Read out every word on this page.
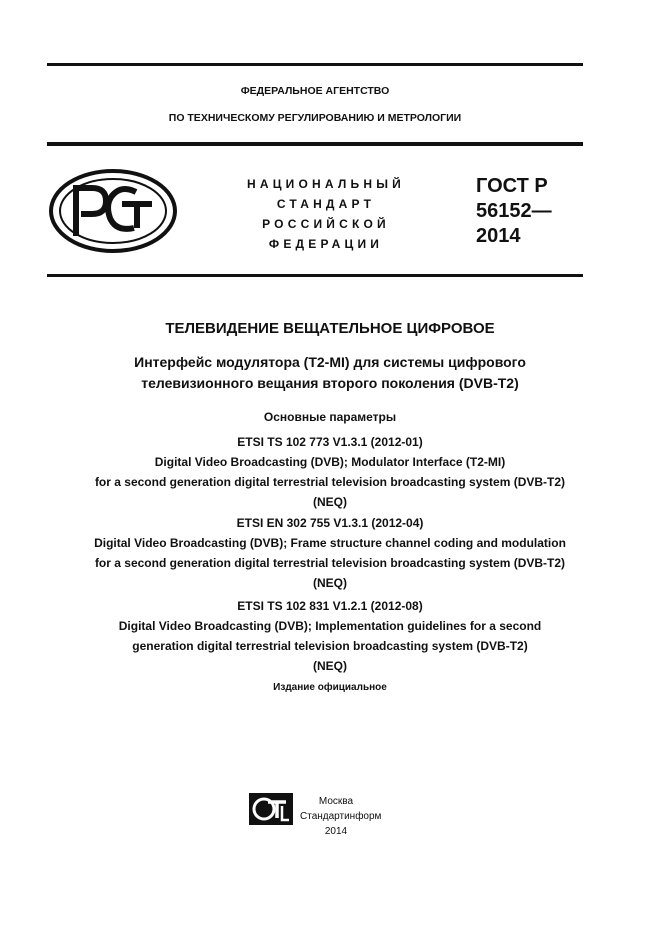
ФЕДЕРАЛЬНОЕ АГЕНТСТВО
ПО ТЕХНИЧЕСКОМУ РЕГУЛИРОВАНИЮ И МЕТРОЛОГИИ
НАЦИОНАЛЬНЫЙ
СТАНДАРТ
РОССИЙСКОЙ
ФЕДЕРАЦИИ
ГОСТ Р
56152—
2014
ТЕЛЕВИДЕНИЕ ВЕЩАТЕЛЬНОЕ ЦИФРОВОЕ
Интерфейс модулятора (Т2-MI) для системы цифрового
телевизионного вещания второго поколения (DVB-T2)
Основные параметры
ETSI TS 102 773 V1.3.1 (2012-01)
Digital Video Broadcasting (DVB); Modulator Interface (T2-MI)
for a second generation digital terrestrial television broadcasting system (DVB-T2)
(NEQ)
ETSI EN 302 755 V1.3.1 (2012-04)
Digital Video Broadcasting (DVB); Frame structure channel coding and modulation
for a second generation digital terrestrial television broadcasting system (DVB-T2)
(NEQ)
ETSI TS 102 831 V1.2.1 (2012-08)
Digital Video Broadcasting (DVB); Implementation guidelines for a second
generation digital terrestrial television broadcasting system (DVB-T2)
(NEQ)
Издание официальное
Москва
Стандартинформ
2014
